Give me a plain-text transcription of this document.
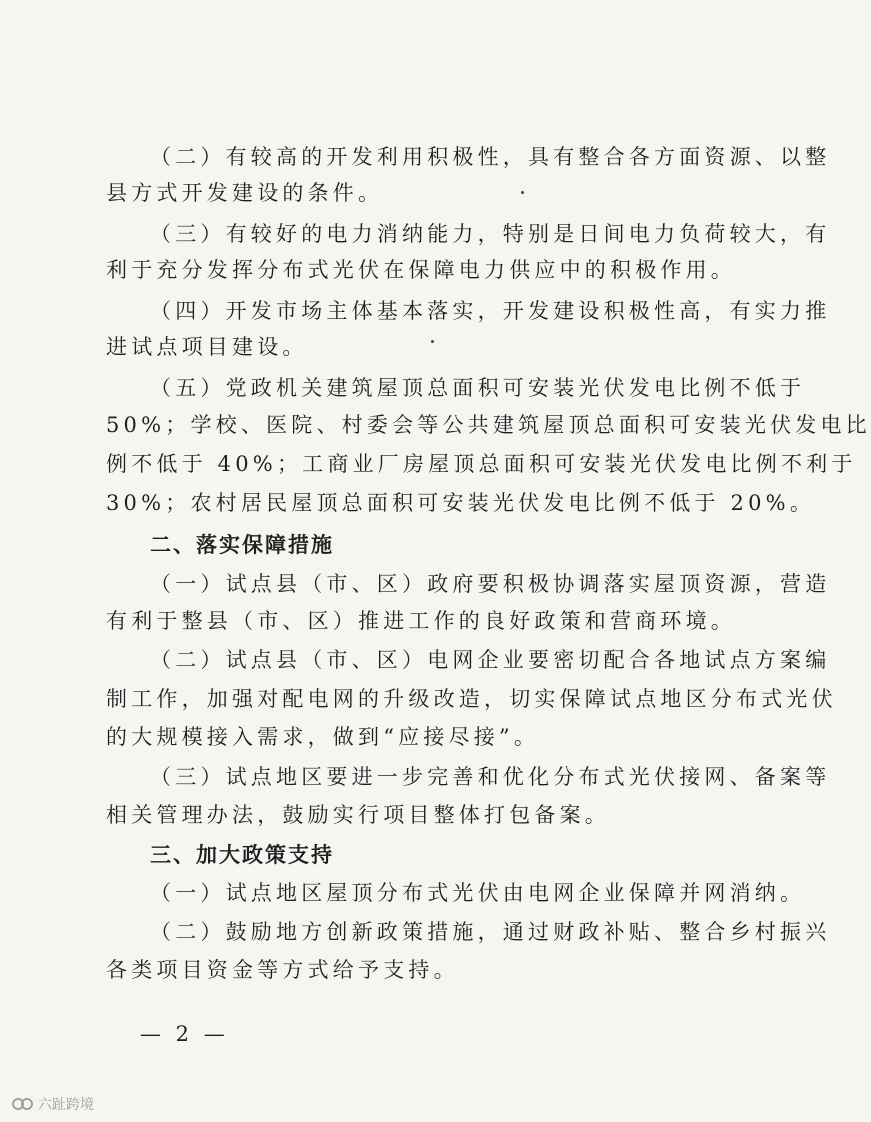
（二）有较高的开发利用积极性，具有整合各方面资源、以整
县方式开发建设的条件。
（三）有较好的电力消纳能力，特别是日间电力负荷较大，有
利于充分发挥分布式光伏在保障电力供应中的积极作用。
（四）开发市场主体基本落实，开发建设积极性高，有实力推
进试点项目建设。
（五）党政机关建筑屋顶总面积可安装光伏发电比例不低于
50%；学校、医院、村委会等公共建筑屋顶总面积可安装光伏发电比
例不低于 40%；工商业厂房屋顶总面积可安装光伏发电比例不利于
30%；农村居民屋顶总面积可安装光伏发电比例不低于 20%。
二、落实保障措施
（一）试点县（市、区）政府要积极协调落实屋顶资源，营造
有利于整县（市、区）推进工作的良好政策和营商环境。
（二）试点县（市、区）电网企业要密切配合各地试点方案编
制工作，加强对配电网的升级改造，切实保障试点地区分布式光伏
的大规模接入需求，做到“应接尽接”。
（三）试点地区要进一步完善和优化分布式光伏接网、备案等
相关管理办法，鼓励实行项目整体打包备案。
三、加大政策支持
（一）试点地区屋顶分布式光伏由电网企业保障并网消纳。
（二）鼓励地方创新政策措施，通过财政补贴、整合乡村振兴
各类项目资金等方式给予支持。
— 2 —
六趾跨境
